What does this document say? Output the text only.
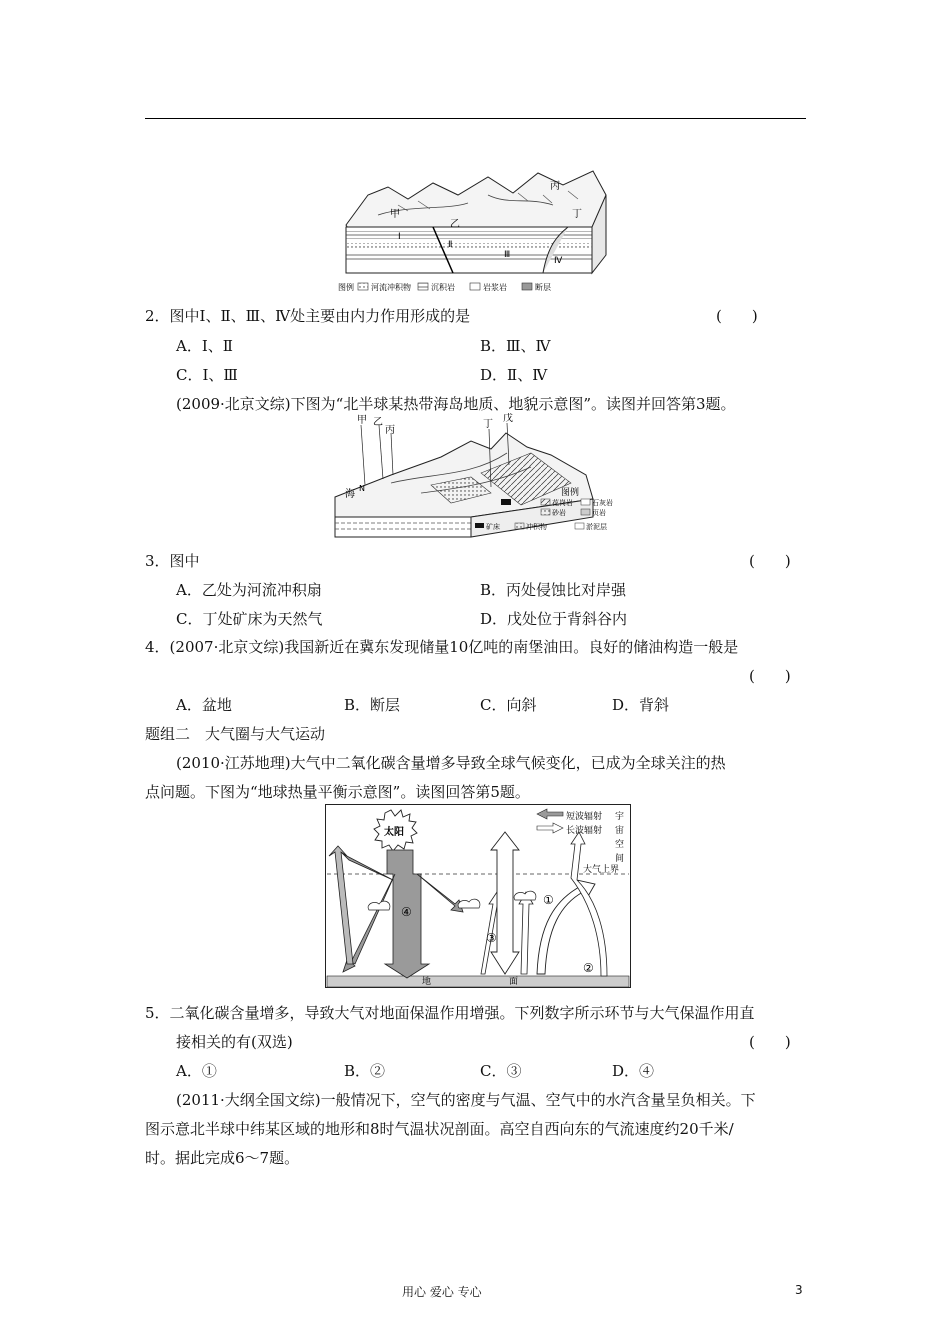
甲
乙
丙
丁
Ⅰ
Ⅱ
Ⅲ
Ⅳ
图例 河流冲积物	沉积岩	岩浆岩	断层
2．图中Ⅰ、Ⅱ、Ⅲ、Ⅳ处主要由内力作用形成的是	(　　)
A．Ⅰ、Ⅱ	B．Ⅲ、Ⅳ
C．Ⅰ、Ⅲ	D．Ⅱ、Ⅳ
(2009·北京文综)下图为“北半球某热带海岛地质、地貌示意图”。读图并回答第3题。
甲 乙
丙
丁
戊
海
N	图例
花岗岩	石灰岩
砂岩	页岩
矿床	冲积物	淤泥层
3．图中	(　　)
A．乙处为河流冲积扇	B．丙处侵蚀比对岸强
C．丁处矿床为天然气	D．戊处位于背斜谷内
4．(2007·北京文综)我国新近在冀东发现储量10亿吨的南堡油田。良好的储油构造一般是
(　　)
A．盆地	B．断层	C．向斜	D．背斜
题组二　大气圈与大气运动
(2010·江苏地理)大气中二氧化碳含量增多导致全球气候变化，已成为全球关注的热
点问题。下图为“地球热量平衡示意图”。读图回答第5题。
太阳
短波辐射
长波辐射
宇
宙
空
间
大气上界
地	面
④
③
①
②
5．二氧化碳含量增多，导致大气对地面保温作用增强。下列数字所示环节与大气保温作用直
接相关的有(双选)	(　　)
A．①	B．②	C．③	D．④
(2011·大纲全国文综)一般情况下，空气的密度与气温、空气中的水汽含量呈负相关。下
图示意北半球中纬某区域的地形和8时气温状况剖面。高空自西向东的气流速度约20千米/
时。据此完成6～7题。
用心 爱心 专心	3
